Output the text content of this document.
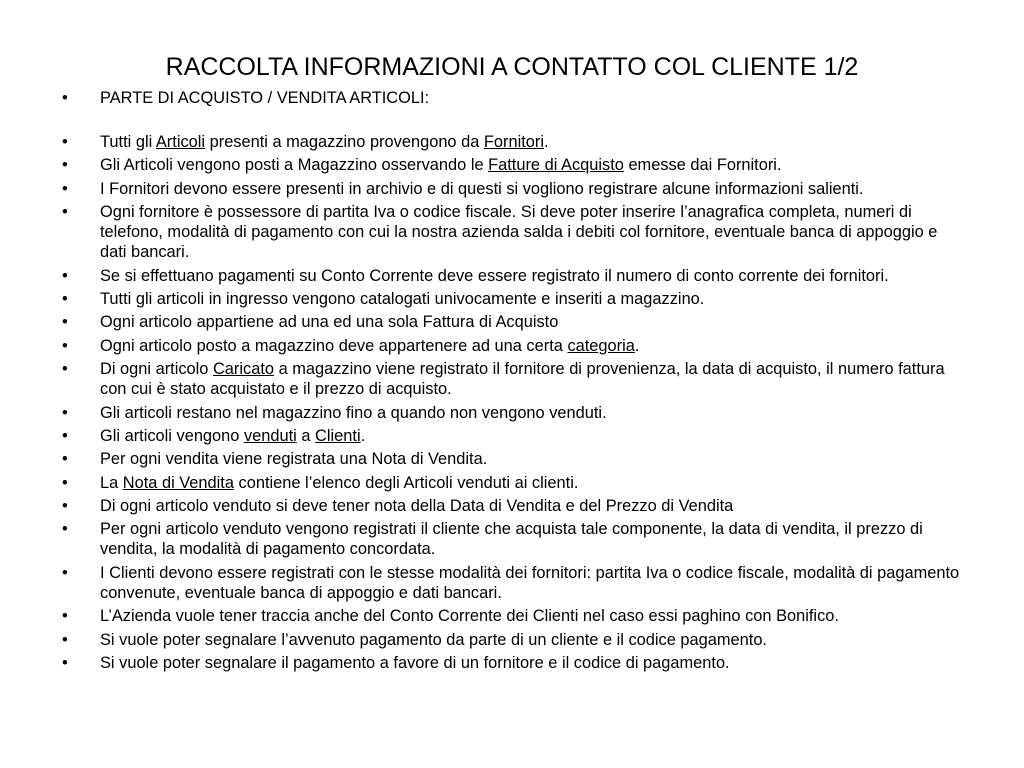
RACCOLTA INFORMAZIONI A CONTATTO COL CLIENTE 1/2
• PARTE DI ACQUISTO / VENDITA ARTICOLI:
• Tutti gli Articoli presenti a magazzino provengono da Fornitori.
• Gli Articoli vengono posti a Magazzino osservando le Fatture di Acquisto emesse dai Fornitori.
• I Fornitori devono essere presenti in archivio e di questi si vogliono registrare alcune informazioni salienti.
• Ogni fornitore è possessore di partita Iva o codice fiscale. Si deve poter inserire l’anagrafica completa, numeri di telefono, modalità di pagamento con cui la nostra azienda salda i debiti col fornitore, eventuale banca di appoggio e dati bancari.
• Se si effettuano pagamenti su Conto Corrente deve essere registrato il numero di conto corrente dei fornitori.
• Tutti gli articoli in ingresso vengono catalogati univocamente e inseriti a magazzino.
• Ogni articolo appartiene ad una ed una sola Fattura di Acquisto
• Ogni articolo posto a magazzino deve appartenere ad una certa categoria.
• Di ogni articolo Caricato a magazzino viene registrato il fornitore di provenienza, la data di acquisto, il numero fattura con cui è stato acquistato e il prezzo di acquisto.
• Gli articoli restano nel magazzino fino a quando non vengono venduti.
• Gli articoli vengono venduti a Clienti.
• Per ogni vendita viene registrata una Nota di Vendita.
• La Nota di Vendita contiene l’elenco degli Articoli venduti ai clienti.
• Di ogni articolo venduto si deve tener nota della Data di Vendita e del Prezzo di Vendita
• Per ogni articolo venduto vengono registrati il cliente che acquista tale componente, la data di vendita, il prezzo di vendita, la modalità di pagamento concordata.
• I Clienti devono essere registrati con le stesse modalità dei fornitori: partita Iva o codice fiscale, modalità di pagamento convenute, eventuale banca di appoggio e dati bancari.
• L’Azienda vuole tener traccia anche del Conto Corrente dei Clienti nel caso essi paghino con Bonifico.
• Si vuole poter segnalare l’avvenuto pagamento da parte di un cliente e il codice pagamento.
• Si vuole poter segnalare il pagamento a favore di un fornitore e il codice di pagamento.
